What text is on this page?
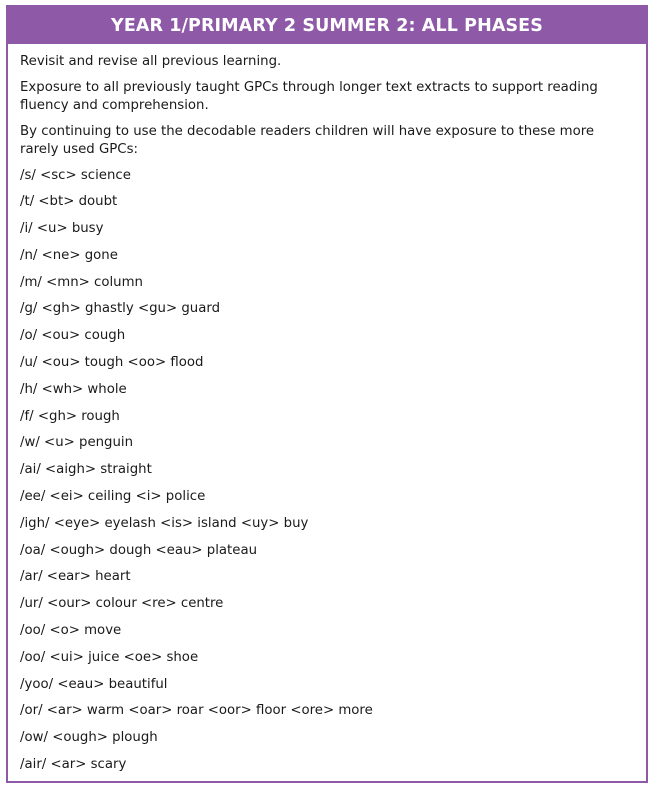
YEAR 1/PRIMARY 2 SUMMER 2: ALL PHASES

Revisit and revise all previous learning.

Exposure to all previously taught GPCs through longer text extracts to support reading fluency and comprehension.

By continuing to use the decodable readers children will have exposure to these more rarely used GPCs:

/s/ <sc> science
/t/ <bt> doubt
/i/ <u> busy
/n/ <ne> gone
/m/ <mn> column
/g/ <gh> ghastly <gu> guard
/o/ <ou> cough
/u/ <ou> tough <oo> flood
/h/ <wh> whole
/f/ <gh> rough
/w/ <u> penguin
/ai/ <aigh> straight
/ee/ <ei> ceiling <i> police
/igh/ <eye> eyelash <is> island <uy> buy
/oa/ <ough> dough <eau> plateau
/ar/ <ear> heart
/ur/ <our> colour <re> centre
/oo/ <o> move
/oo/ <ui> juice <oe> shoe
/yoo/ <eau> beautiful
/or/ <ar> warm <oar> roar <oor> floor <ore> more
/ow/ <ough> plough
/air/ <ar> scary
